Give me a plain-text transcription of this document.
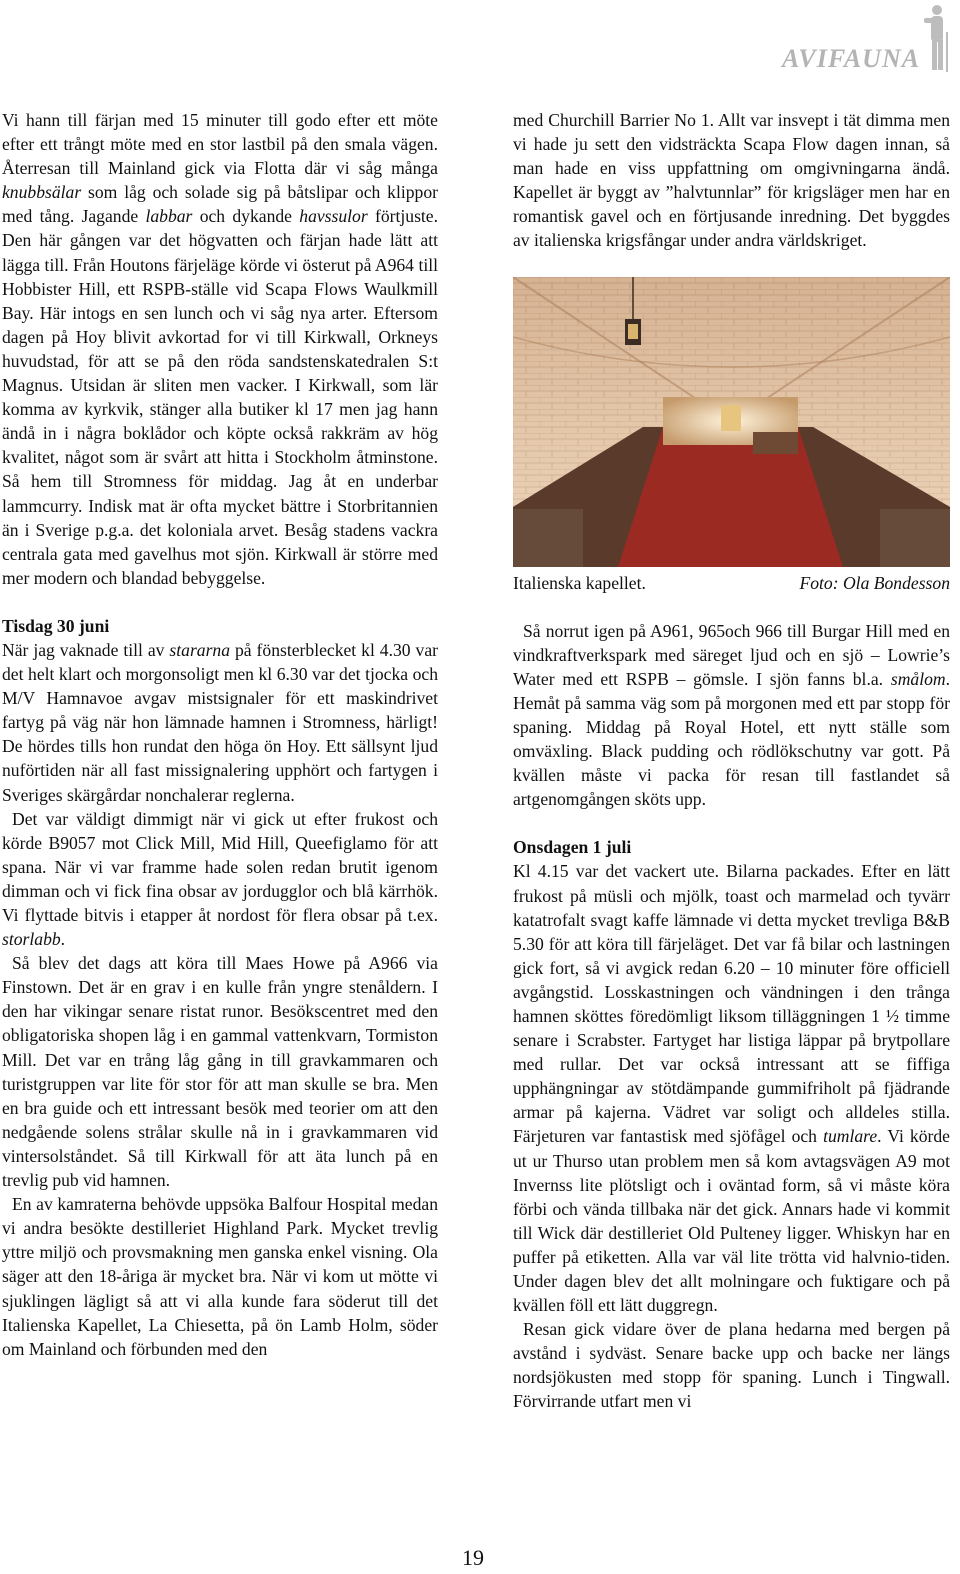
AVIFAUNA

Vi hann till färjan med 15 minuter till godo efter ett möte efter ett trångt möte med en stor lastbil på den smala vägen. Återresan till Mainland gick via Flotta där vi såg många knubbsälar som låg och solade sig på båtslipar och klippor med tång. Jagande labbar och dykande havssulor förtjuste. Den här gången var det högvatten och färjan hade lätt att lägga till. Från Houtons färjeläge körde vi österut på A964 till Hobbister Hill, ett RSPB-ställe vid Scapa Flows Waulkmill Bay. Här intogs en sen lunch och vi såg nya arter. Eftersom dagen på Hoy blivit avkortad for vi till Kirkwall, Orkneys huvudstad, för att se på den röda sandstenskatedralen S:t Magnus. Utsidan är sliten men vacker. I Kirkwall, som lär komma av kyrkvik, stänger alla butiker kl 17 men jag hann ändå in i några boklådor och köpte också rakkräm av hög kvalitet, något som är svårt att hitta i Stockholm åtminstone. Så hem till Stromness för middag. Jag åt en underbar lammcurry. Indisk mat är ofta mycket bättre i Storbritannien än i Sverige p.g.a. det koloniala arvet. Besåg stadens vackra centrala gata med gavelhus mot sjön. Kirkwall är större med mer modern och blandad bebyggelse.

Tisdag 30 juni

När jag vaknade till av stararna på fönsterblecket kl 4.30 var det helt klart och morgonsoligt men kl 6.30 var det tjocka och M/V Hamnavoe avgav mistsignaler för ett maskindrivet fartyg på väg när hon lämnade hamnen i Stromness, härligt! De hördes tills hon rundat den höga ön Hoy. Ett sällsynt ljud nuförtiden när all fast missignalering upphört och fartygen i Sveriges skärgårdar nonchalerar reglerna.

Det var väldigt dimmigt när vi gick ut efter frukost och körde B9057 mot Click Mill, Mid Hill, Queefiglamo för att spana. När vi var framme hade solen redan brutit igenom dimman och vi fick fina obsar av jordugglor och blå kärrhök. Vi flyttade bitvis i etapper åt nordost för flera obsar på t.ex. storlabb.

Så blev det dags att köra till Maes Howe på A966 via Finstown. Det är en grav i en kulle från yngre stenåldern. I den har vikingar senare ristat runor. Besökscentret med den obligatoriska shopen låg i en gammal vattenkvarn, Tormiston Mill. Det var en trång låg gång in till gravkammaren och turistgruppen var lite för stor för att man skulle se bra. Men en bra guide och ett intressant besök med teorier om att den nedgående solens strålar skulle nå in i gravkammaren vid vintersolståndet. Så till Kirkwall för att äta lunch på en trevlig pub vid hamnen.

En av kamraterna behövde uppsöka Balfour Hospital medan vi andra besökte destilleriet Highland Park. Mycket trevlig yttre miljö och provsmakning men ganska enkel visning. Ola säger att den 18-åriga är mycket bra. När vi kom ut mötte vi sjuklingen lägligt så att vi alla kunde fara söderut till det Italienska Kapellet, La Chiesetta, på ön Lamb Holm, söder om Mainland och förbunden med den

med Churchill Barrier No 1. Allt var insvept i tät dimma men vi hade ju sett den vidsträckta Scapa Flow dagen innan, så man hade en viss uppfattning om omgivningarna ändå. Kapellet är byggt av ”halvtunnlar” för krigsläger men har en romantisk gavel och en förtjusande inredning. Det byggdes av italienska krigsfångar under andra världskriget.

Italienska kapellet.	Foto: Ola Bondesson

Så norrut igen på A961, 965och 966 till Burgar Hill med en vindkraftverkspark med säreget ljud och en sjö – Lowrie’s Water med ett RSPB – gömsle. I sjön fanns bl.a. smålom. Hemåt på samma väg som på morgonen med ett par stopp för spaning. Middag på Royal Hotel, ett nytt ställe som omväxling. Black pudding och rödlökschutny var gott. På kvällen måste vi packa för resan till fastlandet så artgenomgången sköts upp.

Onsdagen 1 juli

Kl 4.15 var det vackert ute. Bilarna packades. Efter en lätt frukost på müsli och mjölk, toast och marmelad och tyvärr katatrofalt svagt kaffe lämnade vi detta mycket trevliga B&B 5.30 för att köra till färjeläget. Det var få bilar och lastningen gick fort, så vi avgick redan 6.20 – 10 minuter före officiell avgångstid. Losskastningen och vändningen i den trånga hamnen sköttes föredömligt liksom tilläggningen 1 ½ timme senare i Scrabster. Fartyget har listiga läppar på brytpollare med rullar. Det var också intressant att se fiffiga upphängningar av stötdämpande gummifriholt på fjädrande armar på kajerna. Vädret var soligt och alldeles stilla. Färjeturen var fantastisk med sjöfågel och tumlare. Vi körde ut ur Thurso utan problem men så kom avtagsvägen A9 mot Invernss lite plötsligt och i oväntad form, så vi måste köra förbi och vända tillbaka när det gick. Annars hade vi kommit till Wick där destilleriet Old Pulteney ligger. Whiskyn har en puffer på etiketten. Alla var väl lite trötta vid halvnio-tiden. Under dagen blev det allt molningare och fuktigare och på kvällen föll ett lätt duggregn.

Resan gick vidare över de plana hedarna med bergen på avstånd i sydväst. Senare backe upp och backe ner längs nordsjökusten med stopp för spaning. Lunch i Tingwall. Förvirrande utfart men vi

19
